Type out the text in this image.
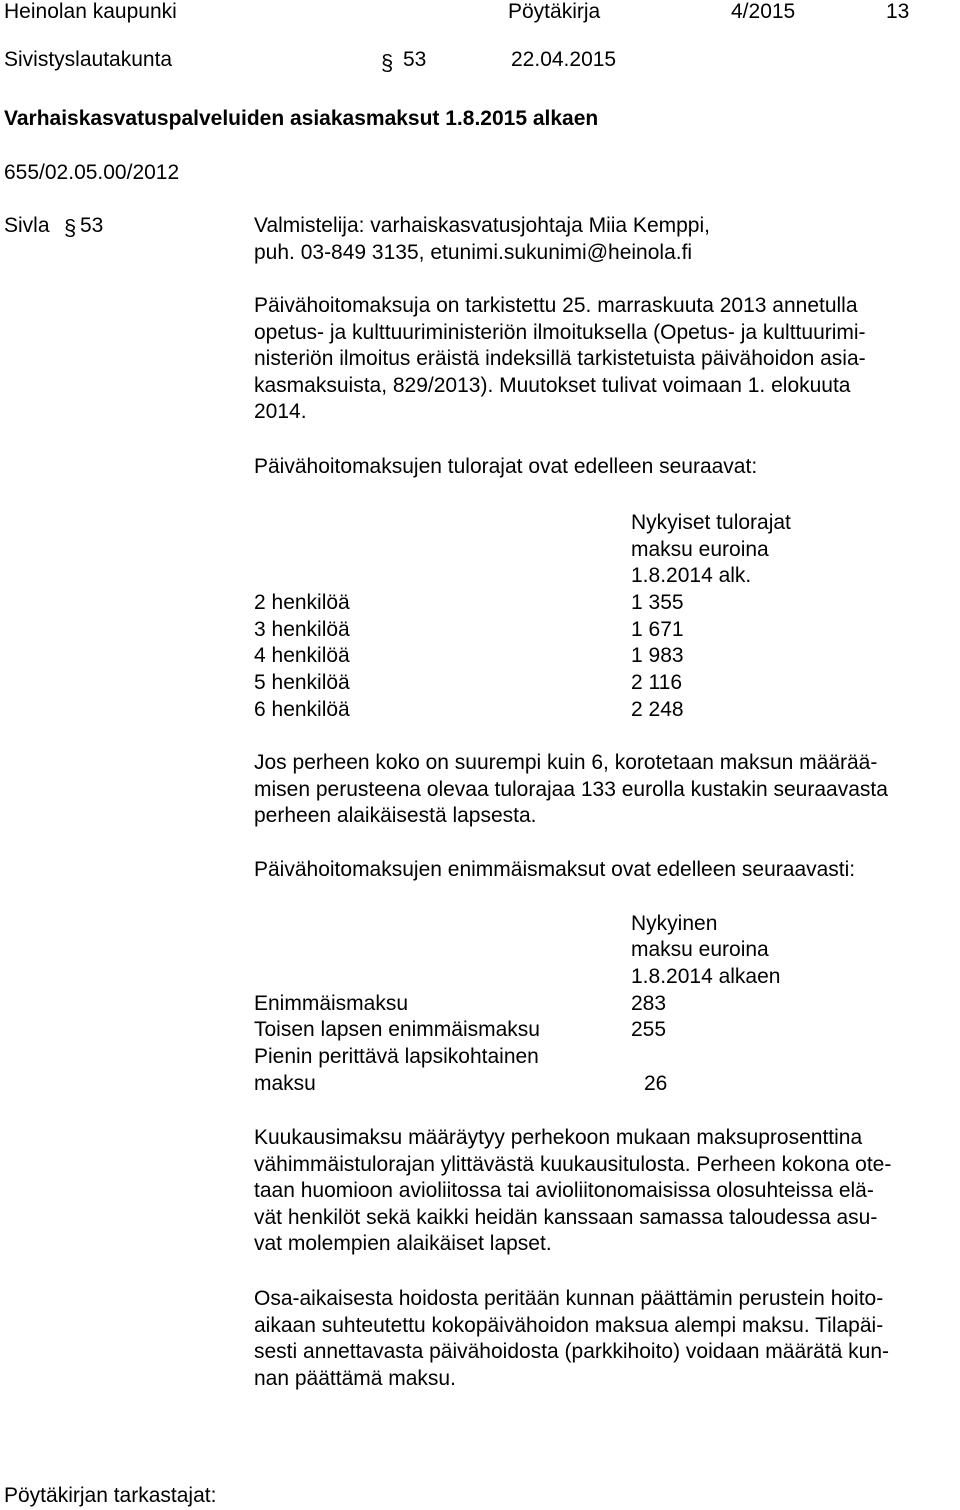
Heinolan kaupunki	Pöytäkirja	4/2015	13
Sivistyslautakunta	§ 53	22.04.2015
Varhaiskasvatuspalveluiden asiakasmaksut 1.8.2015 alkaen
655/02.05.00/2012
Sivla § 53	Valmistelija: varhaiskasvatusjohtaja Miia Kemppi,
puh. 03-849 3135, etunimi.sukunimi@heinola.fi
Päivähoitomaksuja on tarkistettu 25. marraskuuta 2013 annetulla
opetus- ja kulttuuriministeriön ilmoituksella (Opetus- ja kulttuurimi-
nisteriön ilmoitus eräistä indeksillä tarkistetuista päivähoidon asia-
kasmaksuista, 829/2013). Muutokset tulivat voimaan 1. elokuuta
2014.
Päivähoitomaksujen tulorajat ovat edelleen seuraavat:
Nykyiset tulorajat
maksu euroina
1.8.2014 alk.
2 henkilöä	1 355
3 henkilöä	1 671
4 henkilöä	1 983
5 henkilöä	2 116
6 henkilöä	2 248
Jos perheen koko on suurempi kuin 6, korotetaan maksun määrää-
misen perusteena olevaa tulorajaa 133 eurolla kustakin seuraavasta
perheen alaikäisestä lapsesta.
Päivähoitomaksujen enimmäismaksut ovat edelleen seuraavasti:
Nykyinen
maksu euroina
1.8.2014 alkaen
Enimmäismaksu	283
Toisen lapsen enimmäismaksu	255
Pienin perittävä lapsikohtainen
maksu	26
Kuukausimaksu määräytyy perhekoon mukaan maksuprosenttina
vähimmäistulorajan ylittävästä kuukausitulosta. Perheen kokona ote-
taan huomioon avioliitossa tai avioliitonomaisissa olosuhteissa elä-
vät henkilöt sekä kaikki heidän kanssaan samassa taloudessa asu-
vat molempien alaikäiset lapset.
Osa-aikaisesta hoidosta peritään kunnan päättämin perustein hoito-
aikaan suhteutettu kokopäivähoidon maksua alempi maksu. Tilapäi-
sesti annettavasta päivähoidosta (parkkihoito) voidaan määrätä kun-
nan päättämä maksu.
Pöytäkirjan tarkastajat:
